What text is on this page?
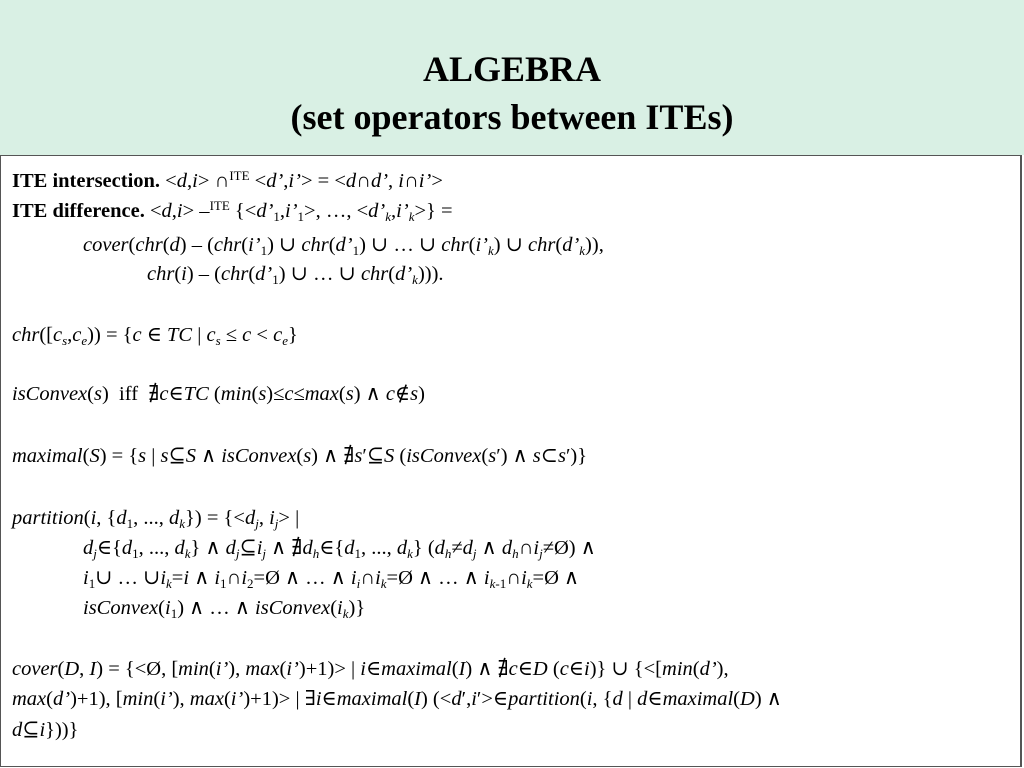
ALGEBRA
(set operators between ITEs)
ITE intersection. <d,i> ∩$^{ITE}$ <d’,i’> = <d∩d’, i∩i’>
ITE difference. <d,i> –$^{ITE}$ {$<d’_1,i’_1>$, …, $<d’_k,i’_k>$} =
cover(chr(d) – ($chr(i’_1)$ ∪ $chr(d’_1)$ ∪ … ∪ $chr(i’_k)$ ∪ $chr(d’_k)$),
$chr(i) - (chr(d’_1)$ ∪ … ∪ $chr(d’_k)$)).
$chr([c_s,c_e)) = \{c$ ∈ TC | $c_s \le c < c_e$}
isConvex(s)  iff  ∄c∈TC (min(s)≤c≤max(s) ∧ c∉s)
maximal(S) = {s | s⊆S ∧ isConvex(s) ∧ ∄s′⊆S (isConvex(s′) ∧ s⊂s′)}
partition(i, {$d_1$, ..., $d_k\}) = \{<d_j$, $i_j>$ |
$d_j\in\{d_1$, ..., $d_k$} ∧ $d_j⊆i_j$ ∧ $∄d_h\in\{d_1$, ..., $d_k$} ($d_h\ne d_j$ ∧ $d_h\cap i_j\ne Ø$) ∧
$i_1\cup$ … $\cup i_k=i$ ∧ $i_1\cap i_2=Ø$ ∧ … ∧ $i_i\cap i_k=Ø$ ∧ … ∧ $i_{k-1}\cap i_k=Ø$ ∧
$isConvex(i_1)$ ∧ … ∧ $isConvex(i_k)$}
cover(D, I) = {<Ø, [min(i’), max(i’)+1)> | i∈maximal(I) ∧ ∄c∈D (c∈i)} ∪ {<[min(d’),
max(d’)+1), [min(i’), max(i’)+1)> | ∃i∈maximal(I) (<d′,i′>∈partition(i, {d | d∈maximal(D) ∧
d⊆i}))}
